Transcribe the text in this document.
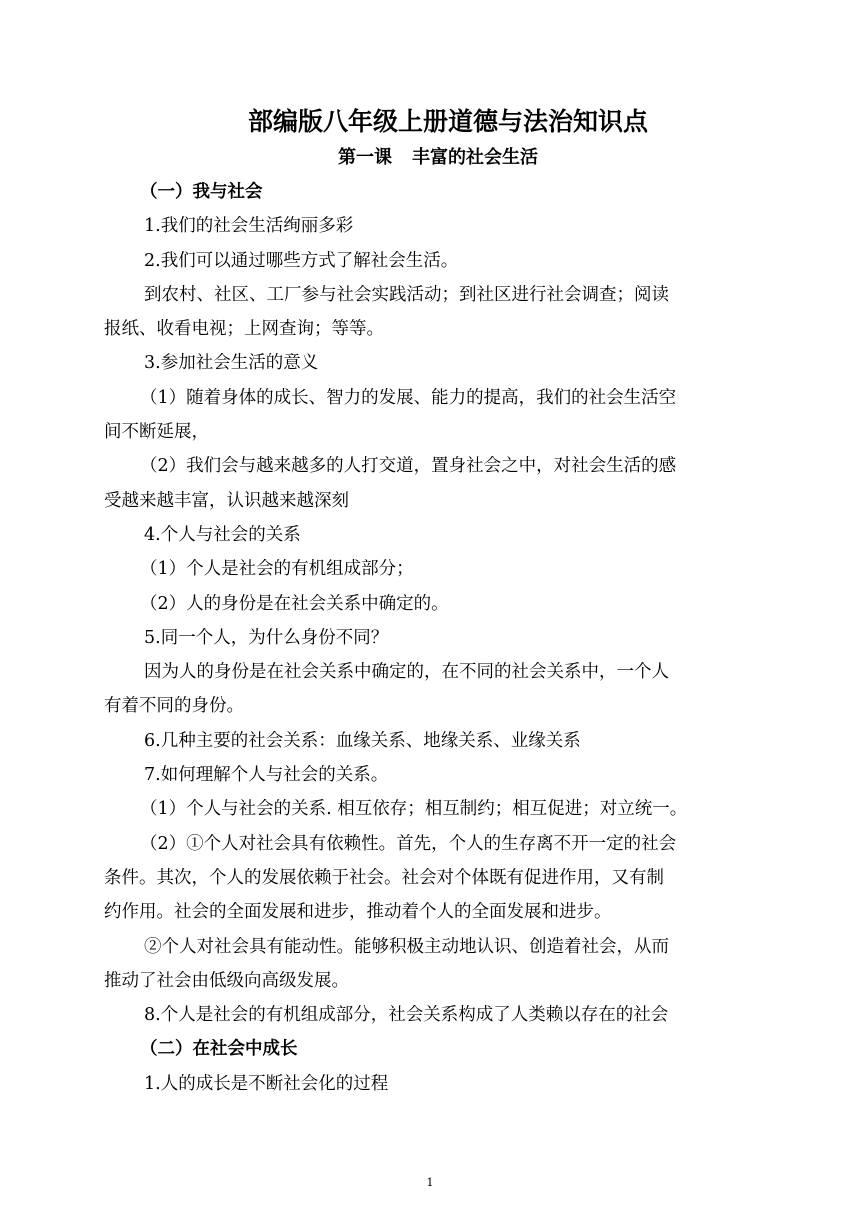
部编版八年级上册道德与法治知识点
第一课 丰富的社会生活
（一）我与社会
1.我们的社会生活绚丽多彩
2.我们可以通过哪些方式了解社会生活。
到农村、社区、工厂参与社会实践活动；到社区进行社会调查；阅读
报纸、收看电视；上网查询；等等。
3.参加社会生活的意义
（1）随着身体的成长、智力的发展、能力的提高，我们的社会生活空
间不断延展，
（2）我们会与越来越多的人打交道，置身社会之中，对社会生活的感
受越来越丰富，认识越来越深刻
4.个人与社会的关系
（1）个人是社会的有机组成部分；
（2）人的身份是在社会关系中确定的。
5.同一个人，为什么身份不同？
因为人的身份是在社会关系中确定的，在不同的社会关系中，一个人
有着不同的身份。
6.几种主要的社会关系：血缘关系、地缘关系、业缘关系
7.如何理解个人与社会的关系。
（1）个人与社会的关系. 相互依存；相互制约；相互促进；对立统一。
（2）①个人对社会具有依赖性。首先，个人的生存离不开一定的社会
条件。其次，个人的发展依赖于社会。社会对个体既有促进作用，又有制
约作用。社会的全面发展和进步，推动着个人的全面发展和进步。
②个人对社会具有能动性。能够积极主动地认识、创造着社会，从而
推动了社会由低级向高级发展。
8.个人是社会的有机组成部分，社会关系构成了人类赖以存在的社会
（二）在社会中成长
1.人的成长是不断社会化的过程
1
